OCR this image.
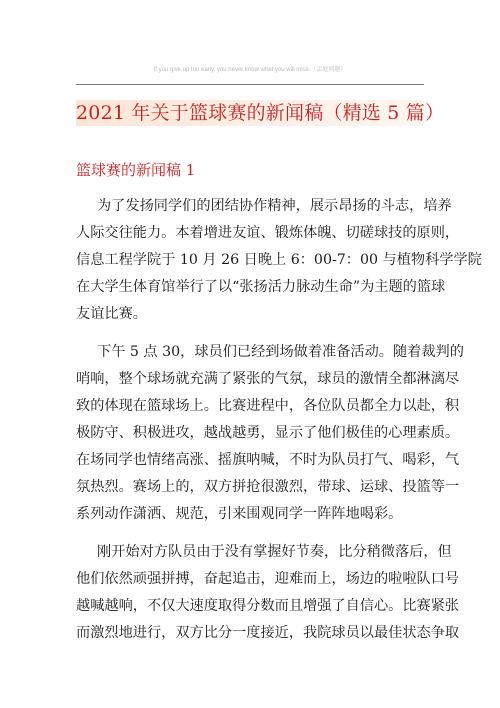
If you give up too early, you never know what you will miss.（孟庭问题）
2021 年关于篮球赛的新闻稿（精选 5 篇）
篮球赛的新闻稿 1
为了发扬同学们的团结协作精神，展示昂扬的斗志，培养
人际交往能力。本着增进友谊、锻炼体魄、切磋球技的原则，
信息工程学院于 10 月 26 日晚上 6：00-7：00 与植物科学学院
在大学生体育馆举行了以“张扬活力脉动生命”为主题的篮球
友谊比赛。
下午 5 点 30，球员们已经到场做着准备活动。随着裁判的
哨响，整个球场就充满了紧张的气氛，球员的激情全都淋漓尽
致的体现在篮球场上。比赛进程中，各位队员都全力以赴，积
极防守、积极进攻，越战越勇，显示了他们极佳的心理素质。
在场同学也情绪高涨、摇旗呐喊，不时为队员打气、喝彩，气
氛热烈。赛场上的，双方拼抢很激烈，带球、运球、投篮等一
系列动作潇洒、规范，引来围观同学一阵阵地喝彩。
刚开始对方队员由于没有掌握好节奏，比分稍微落后，但
他们依然顽强拼搏，奋起追击，迎难而上，场边的啦啦队口号
越喊越响，不仅大速度取得分数而且增强了自信心。比赛紧张
而激烈地进行，双方比分一度接近，我院球员以最佳状态争取
